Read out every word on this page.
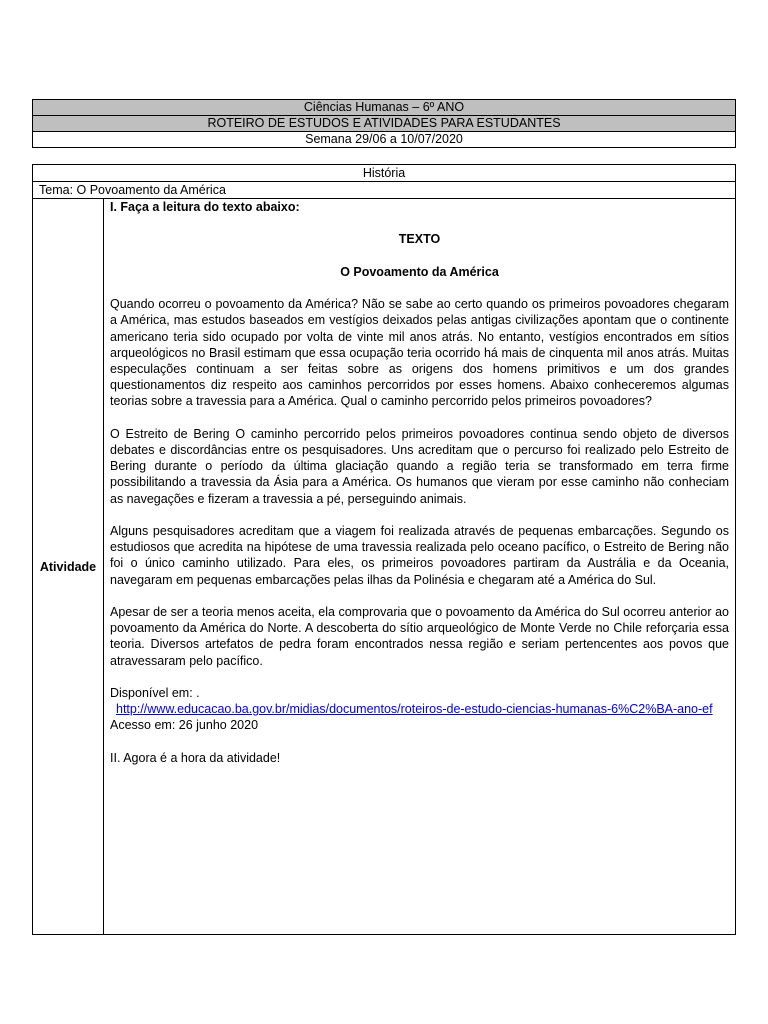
Ciências Humanas – 6º ANO
ROTEIRO DE ESTUDOS E ATIVIDADES PARA ESTUDANTES
Semana 29/06 a 10/07/2020
História
Tema: O Povoamento da América
Atividade	

I. Faça a leitura do texto abaixo:

TEXTO

O Povoamento da América

Quando ocorreu o povoamento da América? Não se sabe ao certo quando os primeiros povoadores chegaram a América, mas estudos baseados em vestígios deixados pelas antigas civilizações apontam que o continente americano teria sido ocupado por volta de vinte mil anos atrás. No entanto, vestígios encontrados em sítios arqueológicos no Brasil estimam que essa ocupação teria ocorrido há mais de cinquenta mil anos atrás. Muitas especulações continuam a ser feitas sobre as origens dos homens primitivos e um dos grandes questionamentos diz respeito aos caminhos percorridos por esses homens. Abaixo conheceremos algumas teorias sobre a travessia para a América. Qual o caminho percorrido pelos primeiros povoadores?

O Estreito de Bering O caminho percorrido pelos primeiros povoadores continua sendo objeto de diversos debates e discordâncias entre os pesquisadores. Uns acreditam que o percurso foi realizado pelo Estreito de Bering durante o período da última glaciação quando a região teria se transformado em terra firme possibilitando a travessia da Ásia para a América. Os humanos que vieram por esse caminho não conheciam as navegações e fizeram a travessia a pé, perseguindo animais.

Alguns pesquisadores acreditam que a viagem foi realizada através de pequenas embarcações. Segundo os estudiosos que acredita na hipótese de uma travessia realizada pelo oceano pacífico, o Estreito de Bering não foi o único caminho utilizado. Para eles, os primeiros povoadores partiram da Austrália e da Oceania, navegaram em pequenas embarcações pelas ilhas da Polinésia e chegaram até a América do Sul.

Apesar de ser a teoria menos aceita, ela comprovaria que o povoamento da América do Sul ocorreu anterior ao povoamento da América do Norte. A descoberta do sítio arqueológico de Monte Verde no Chile reforçaria essa teoria. Diversos artefatos de pedra foram encontrados nessa região e seriam pertencentes aos povos que atravessaram pelo pacífico.

Disponível em: .

http://www.educacao.ba.gov.br/midias/documentos/roteiros-de-estudo-ciencias-humanas-6%C2%BA-ano-ef

Acesso em: 26 junho 2020

II. Agora é a hora da atividade!
